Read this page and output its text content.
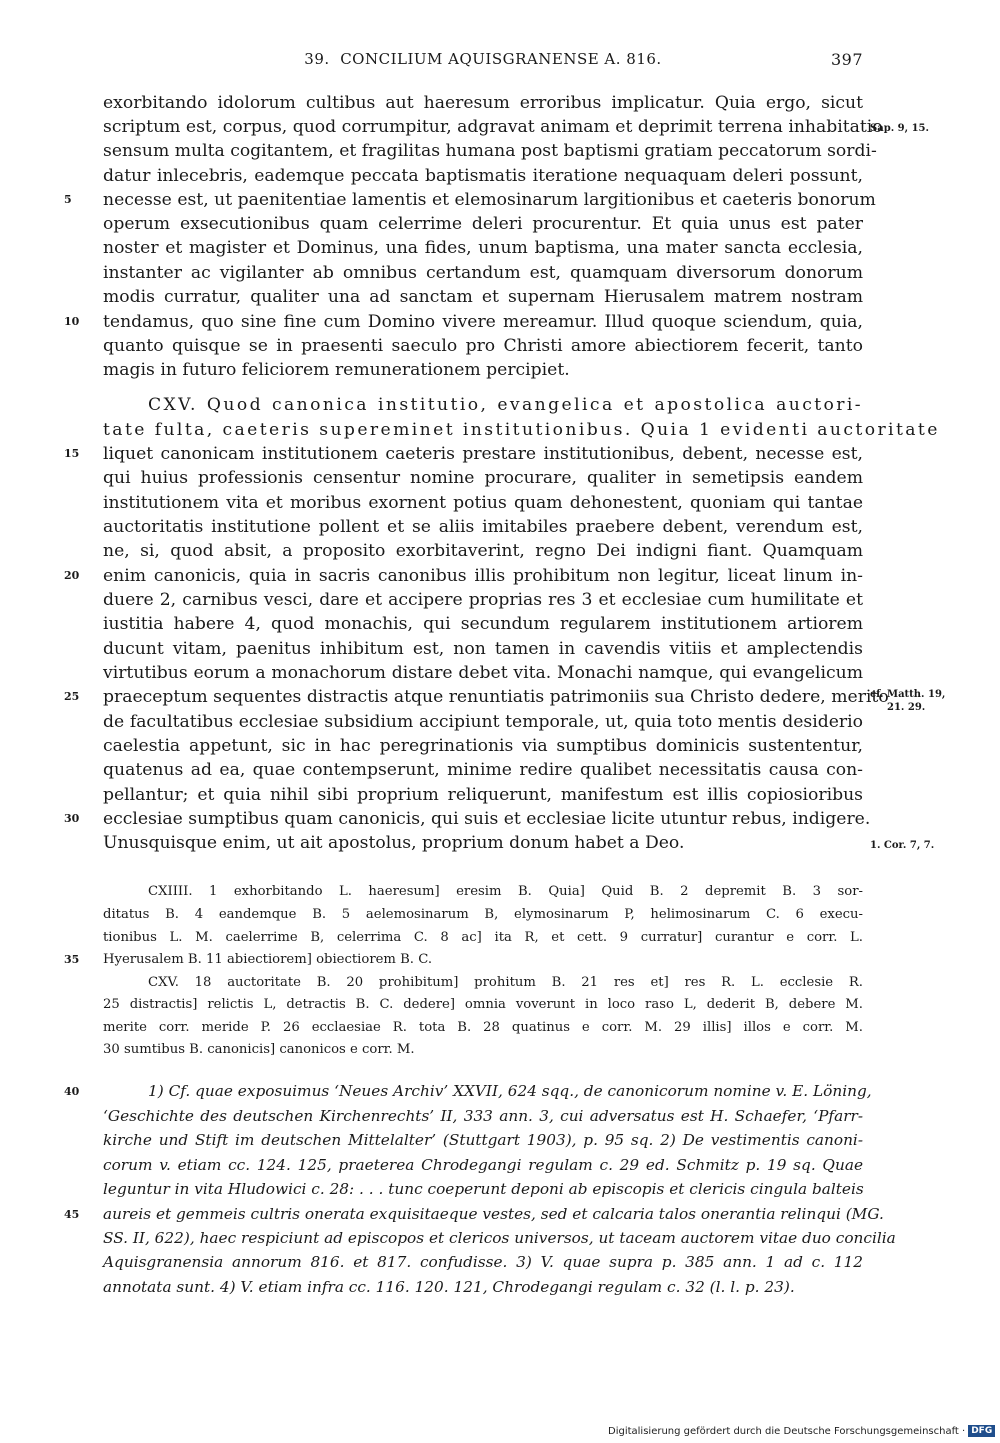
39. CONCILIUM AQUISGRANENSE A. 816.	397
exorbitando idolorum cultibus aut haeresum erroribus implicatur. Quia ergo, sicut
scriptum est, corpus, quod corrumpitur, adgravat animam et deprimit terrena inhabitatio
sensum multa cogitantem, et fragilitas humana post baptismi gratiam peccatorum sordi-
datur inlecebris, eademque peccata baptismatis iteratione nequaquam deleri possunt,
necesse est, ut paenitentiae lamentis et elemosinarum largitionibus et caeteris bonorum
operum exsecutionibus quam celerrime deleri procurentur. Et quia unus est pater
noster et magister et Dominus, una fides, unum baptisma, una mater sancta ecclesia,
instanter ac vigilanter ab omnibus certandum est, quamquam diversorum donorum
modis curratur, qualiter una ad sanctam et supernam Hierusalem matrem nostram
tendamus, quo sine fine cum Domino vivere mereamur. Illud quoque sciendum, quia,
quanto quisque se in praesenti saeculo pro Christi amore abiectiorem fecerit, tanto
magis in futuro feliciorem remunerationem percipiet.
CXV. Quod canonica institutio, evangelica et apostolica auctori-
tate fulta, caeteris supereminet institutionibus. Quia 1 evidenti auctoritate
liquet canonicam institutionem caeteris prestare institutionibus, debent, necesse est,
qui huius professionis censentur nomine procurare, qualiter in semetipsis eandem
institutionem vita et moribus exornent potius quam dehonestent, quoniam qui tantae
auctoritatis institutione pollent et se aliis imitabiles praebere debent, verendum est,
ne, si, quod absit, a proposito exorbitaverint, regno Dei indigni fiant. Quamquam
enim canonicis, quia in sacris canonibus illis prohibitum non legitur, liceat linum in-
duere 2, carnibus vesci, dare et accipere proprias res 3 et ecclesiae cum humilitate et
iustitia habere 4, quod monachis, qui secundum regularem institutionem artiorem
ducunt vitam, paenitus inhibitum est, non tamen in cavendis vitiis et amplectendis
virtutibus eorum a monachorum distare debet vita. Monachi namque, qui evangelicum
praeceptum sequentes distractis atque renuntiatis patrimoniis sua Christo dedere, merito
de facultatibus ecclesiae subsidium accipiunt temporale, ut, quia toto mentis desiderio
caelestia appetunt, sic in hac peregrinationis via sumptibus dominicis sustententur,
quatenus ad ea, quae contempserunt, minime redire qualibet necessitatis causa con-
pellantur; et quia nihil sibi proprium reliquerunt, manifestum est illis copiosioribus
ecclesiae sumptibus quam canonicis, qui suis et ecclesiae licite utuntur rebus, indigere.
Unusquisque enim, ut ait apostolus, proprium donum habet a Deo.
5
10
15
20
25
30
Sap. 9, 15.
cf. Matth. 19,
21. 29.
1. Cor. 7, 7.
CXIIII. 1 exhorbitando L. haeresum] eresim B. Quia] Quid B. 2 depremit B. 3 sor-
ditatus B. 4 eandemque B. 5 aelemosinarum B, elymosinarum P, helimosinarum C. 6 execu-
tionibus L. M. caelerrime B, celerrima C. 8 ac] ita R, et cett. 9 curratur] curantur e corr. L.
Hyerusalem B. 11 abiectiorem] obiectiorem B. C.
CXV. 18 auctoritate B. 20 prohibitum] prohitum B. 21 res et] res R. L. ecclesie R.
25 distractis] relictis L, detractis B. C. dedere] omnia voverunt in loco raso L, dederit B, debere M.
merite corr. meride P. 26 ecclaesiae R. tota B. 28 quatinus e corr. M. 29 illis] illos e corr. M.
30 sumtibus B. canonicis] canonicos e corr. M.
35
1) Cf. quae exposuimus ‘Neues Archiv’ XXVII, 624 sqq., de canonicorum nomine v. E. Löning,
‘Geschichte des deutschen Kirchenrechts’ II, 333 ann. 3, cui adversatus est H. Schaefer, ‘Pfarr-
kirche und Stift im deutschen Mittelalter’ (Stuttgart 1903), p. 95 sq. 2) De vestimentis canoni-
corum v. etiam cc. 124. 125, praeterea Chrodegangi regulam c. 29 ed. Schmitz p. 19 sq. Quae
leguntur in vita Hludowici c. 28: . . . tunc coeperunt deponi ab episcopis et clericis cingula balteis
aureis et gemmeis cultris onerata exquisitaeque vestes, sed et calcaria talos onerantia relinqui (MG.
SS. II, 622), haec respiciunt ad episcopos et clericos universos, ut taceam auctorem vitae duo concilia
Aquisgranensia annorum 816. et 817. confudisse. 3) V. quae supra p. 385 ann. 1 ad c. 112
annotata sunt. 4) V. etiam infra cc. 116. 120. 121, Chrodegangi regulam c. 32 (l. l. p. 23).
40
45
Digitalisierung gefördert durch die Deutsche Forschungsgemeinschaft · DFG
